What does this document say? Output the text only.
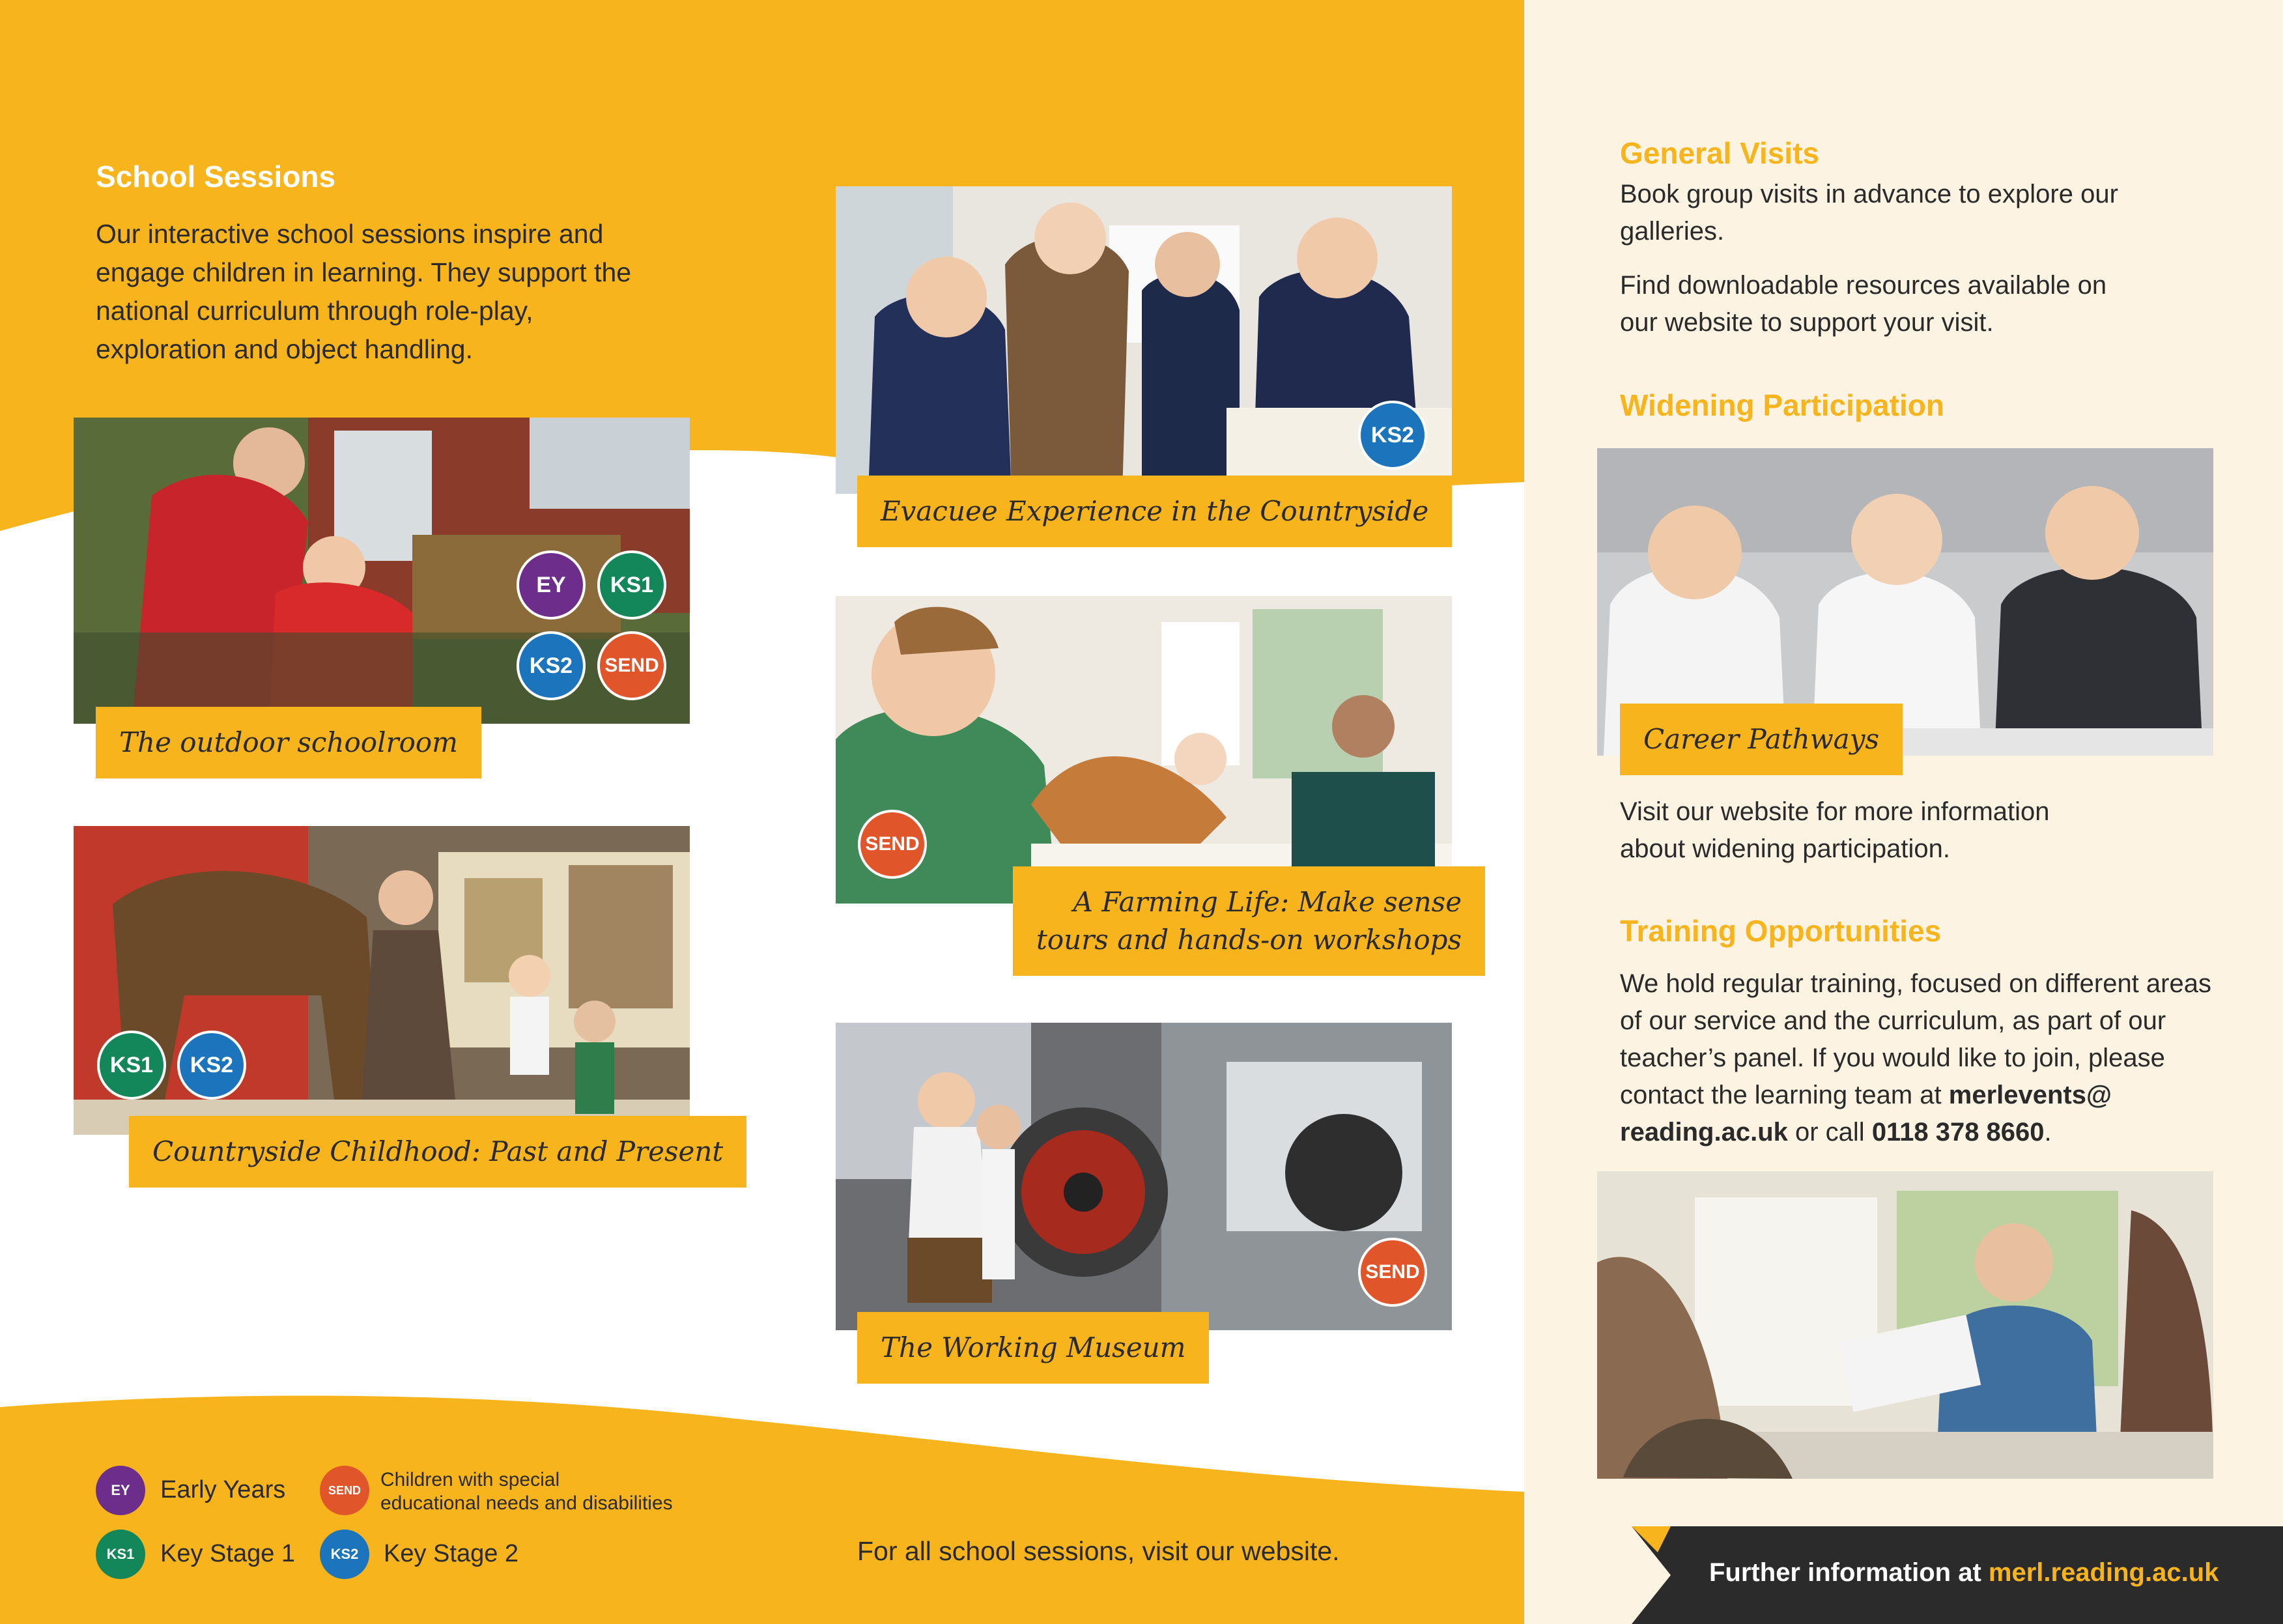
School Sessions
Our interactive school sessions inspire and engage children in learning. They support the national curriculum through role-play, exploration and object handling.
EY	KS1
KS2	SEND
The outdoor schoolroom
KS1	KS2
Countryside Childhood: Past and Present
KS2
Evacuee Experience in the Countryside
SEND
A Farming Life: Make sense
tours and hands-on workshops
SEND
The Working Museum
EY	Early Years	SEND	Children with special
educational needs and disabilities
KS1	Key Stage 1	KS2	Key Stage 2	For all school sessions, visit our website.
General Visits
Book group visits in advance to explore our galleries.
Find downloadable resources available on our website to support your visit.
Widening Participation
Career Pathways
Visit our website for more information about widening participation.
Training Opportunities
We hold regular training, focused on different areas of our service and the curriculum, as part of our teacher’s panel. If you would like to join, please contact the learning team at merlevents@ reading.ac.uk or call 0118 378 8660.
Further information at merl.reading.ac.uk
